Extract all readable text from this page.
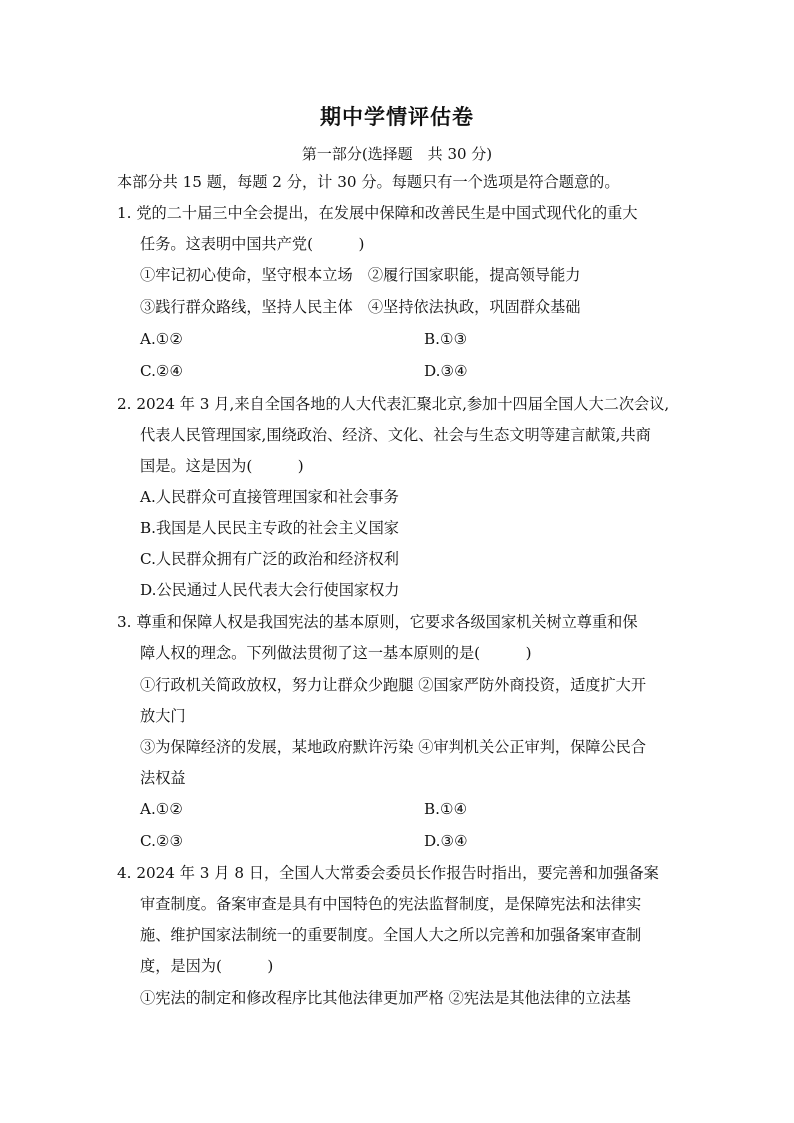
期中学情评估卷
第一部分(选择题　共 30 分)
本部分共 15 题，每题 2 分，计 30 分。每题只有一个选项是符合题意的。
1. 党的二十届三中全会提出，在发展中保障和改善民生是中国式现代化的重大
任务。这表明中国共产党(　　　)
①牢记初心使命，坚守根本立场　②履行国家职能，提高领导能力
③践行群众路线，坚持人民主体　④坚持依法执政，巩固群众基础
A.①②	B.①③
C.②④	D.③④
2. 2024 年 3 月,来自全国各地的人大代表汇聚北京,参加十四届全国人大二次会议,
代表人民管理国家,围绕政治、经济、文化、社会与生态文明等建言献策,共商
国是。这是因为(　　　)
A.人民群众可直接管理国家和社会事务
B.我国是人民民主专政的社会主义国家
C.人民群众拥有广泛的政治和经济权利
D.公民通过人民代表大会行使国家权力
3. 尊重和保障人权是我国宪法的基本原则，它要求各级国家机关树立尊重和保
障人权的理念。下列做法贯彻了这一基本原则的是(　　　)
①行政机关简政放权，努力让群众少跑腿 ②国家严防外商投资，适度扩大开
放大门
③为保障经济的发展，某地政府默许污染 ④审判机关公正审判，保障公民合
法权益
A.①②	B.①④
C.②③	D.③④
4. 2024 年 3 月 8 日，全国人大常委会委员长作报告时指出，要完善和加强备案
审查制度。备案审查是具有中国特色的宪法监督制度，是保障宪法和法律实
施、维护国家法制统一的重要制度。全国人大之所以完善和加强备案审查制
度，是因为(　　　)
①宪法的制定和修改程序比其他法律更加严格 ②宪法是其他法律的立法基
